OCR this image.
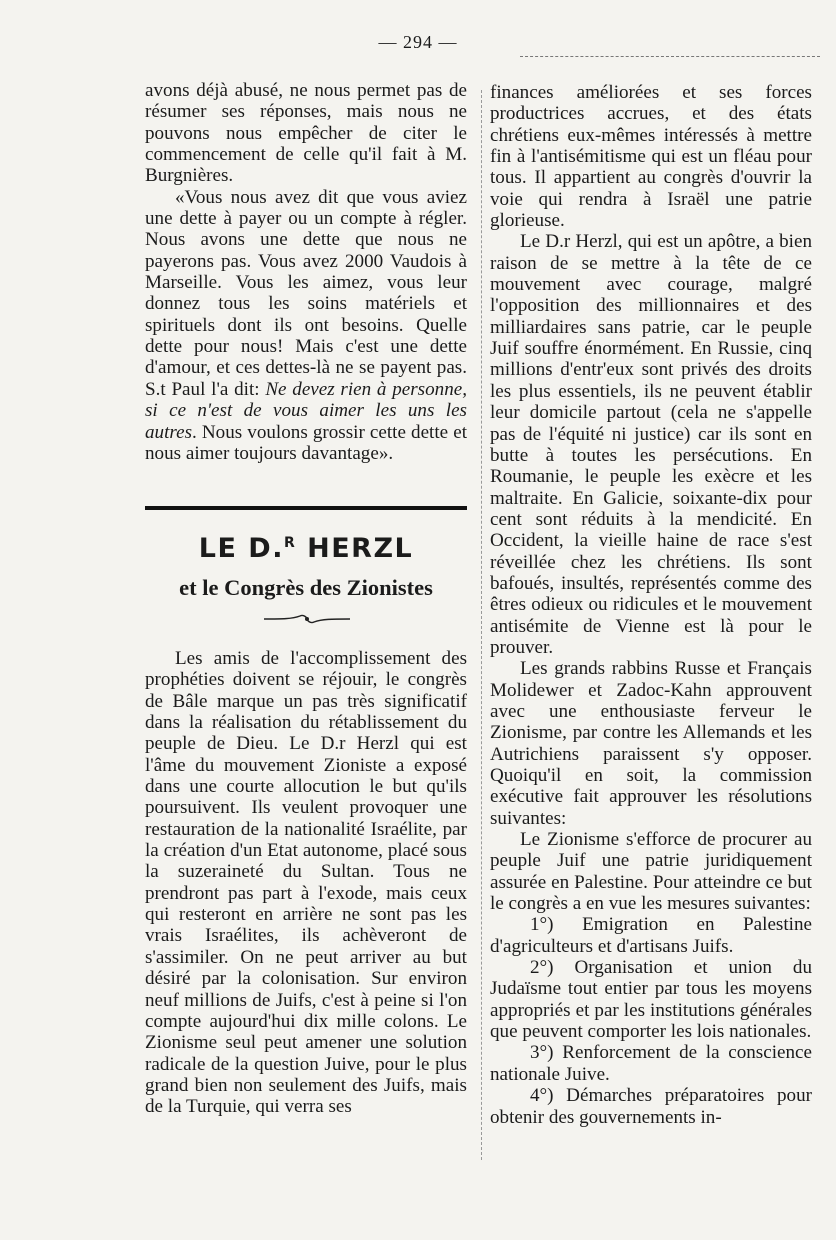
— 294 —

avons déjà abusé, ne nous permet pas de résumer ses réponses, mais nous ne pouvons nous empêcher de citer le commencement de celle qu'il fait à M. Burgnières.

«Vous nous avez dit que vous aviez une dette à payer ou un compte à régler. Nous avons une dette que nous ne payerons pas. Vous avez 2000 Vaudois à Marseille. Vous les aimez, vous leur donnez tous les soins matériels et spirituels dont ils ont besoins. Quelle dette pour nous! Mais c'est une dette d'amour, et ces dettes-là ne se payent pas. S.t Paul l'a dit: Ne devez rien à personne, si ce n'est de vous aimer les uns les autres. Nous voulons grossir cette dette et nous aimer toujours davantage».

LE D.$^R$ HERZL
et le Congrès des Zionistes

Les amis de l'accomplissement des prophéties doivent se réjouir, le congrès de Bâle marque un pas très significatif dans la réalisation du rétablissement du peuple de Dieu. Le D.r Herzl qui est l'âme du mouvement Zioniste a exposé dans une courte allocution le but qu'ils poursuivent. Ils veulent provoquer une restauration de la nationalité Israélite, par la création d'un Etat autonome, placé sous la suzeraineté du Sultan. Tous ne prendront pas part à l'exode, mais ceux qui resteront en arrière ne sont pas les vrais Israélites, ils achèveront de s'assimiler. On ne peut arriver au but désiré par la colonisation. Sur environ neuf millions de Juifs, c'est à peine si l'on compte aujourd'hui dix mille colons. Le Zionisme seul peut amener une solution radicale de la question Juive, pour le plus grand bien non seulement des Juifs, mais de la Turquie, qui verra ses

finances améliorées et ses forces productrices accrues, et des états chrétiens eux-mêmes intéressés à mettre fin à l'antisémitisme qui est un fléau pour tous. Il appartient au congrès d'ouvrir la voie qui rendra à Israël une patrie glorieuse.

Le D.r Herzl, qui est un apôtre, a bien raison de se mettre à la tête de ce mouvement avec courage, malgré l'opposition des millionnaires et des milliardaires sans patrie, car le peuple Juif souffre énormément. En Russie, cinq millions d'entr'eux sont privés des droits les plus essentiels, ils ne peuvent établir leur domicile partout (cela ne s'appelle pas de l'équité ni justice) car ils sont en butte à toutes les persécutions. En Roumanie, le peuple les exècre et les maltraite. En Galicie, soixante-dix pour cent sont réduits à la mendicité. En Occident, la vieille haine de race s'est réveillée chez les chrétiens. Ils sont bafoués, insultés, représentés comme des êtres odieux ou ridicules et le mouvement antisémite de Vienne est là pour le prouver.

Les grands rabbins Russe et Français Molidewer et Zadoc-Kahn approuvent avec une enthousiaste ferveur le Zionisme, par contre les Allemands et les Autrichiens paraissent s'y opposer. Quoiqu'il en soit, la commission exécutive fait approuver les résolutions suivantes:

Le Zionisme s'efforce de procurer au peuple Juif une patrie juridiquement assurée en Palestine. Pour atteindre ce but le congrès a en vue les mesures suivantes:

1°) Emigration en Palestine d'agriculteurs et d'artisans Juifs.

2°) Organisation et union du Judaïsme tout entier par tous les moyens appropriés et par les institutions générales que peuvent comporter les lois nationales.

3°) Renforcement de la conscience nationale Juive.

4°) Démarches préparatoires pour obtenir des gouvernements in-
